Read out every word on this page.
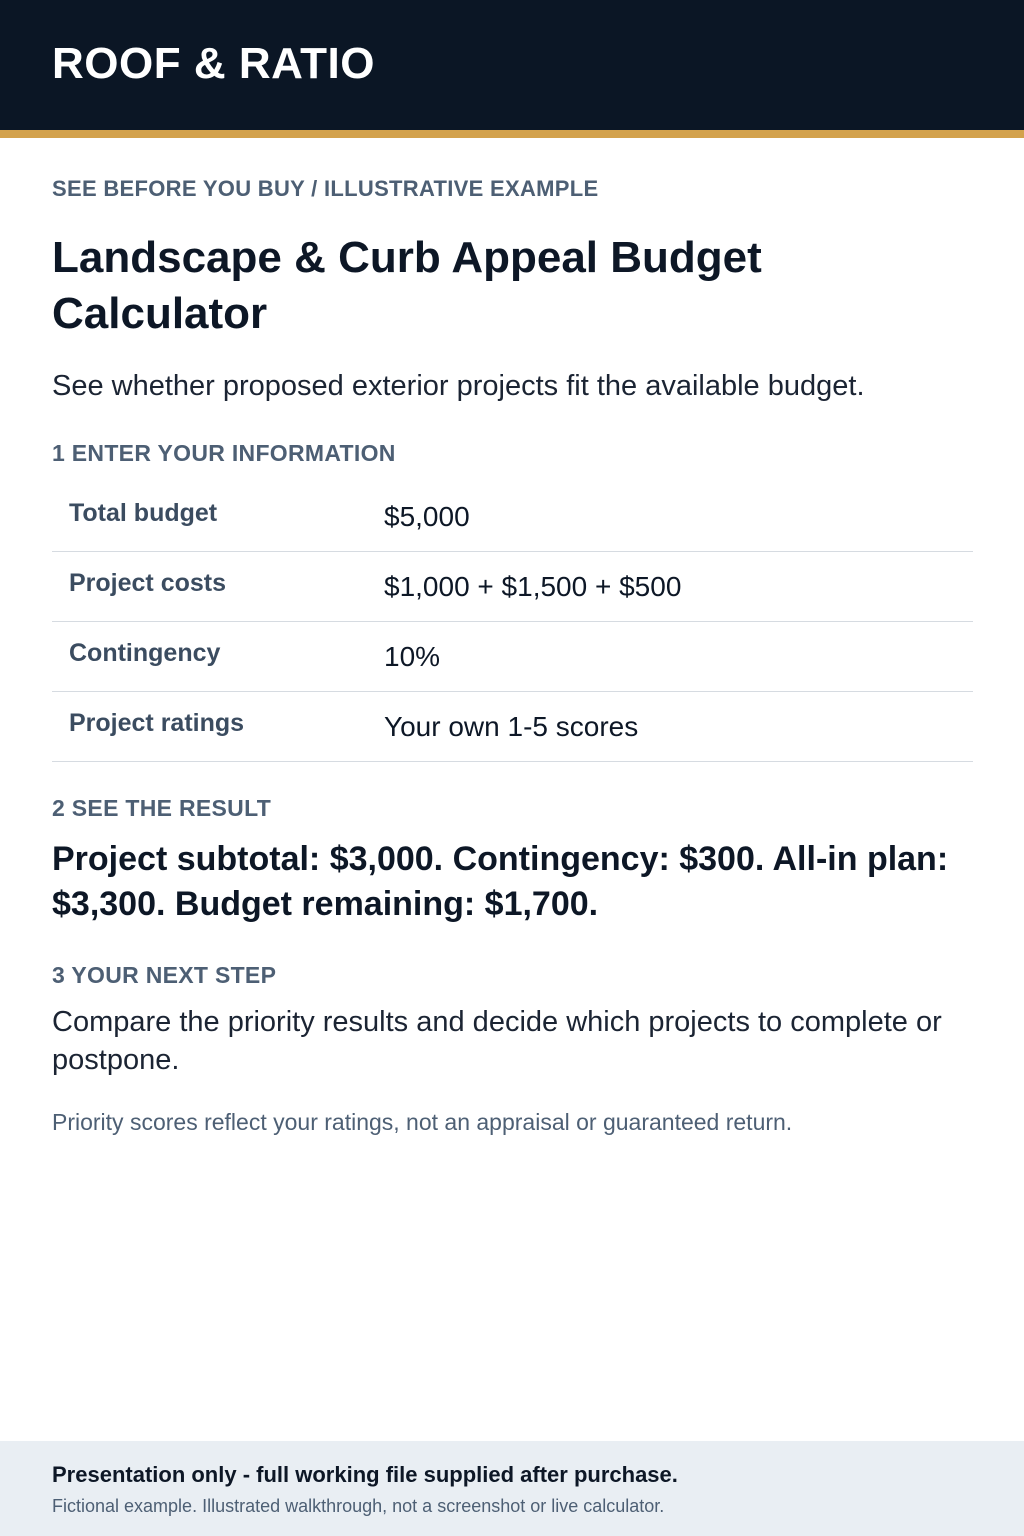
ROOF & RATIO
SEE BEFORE YOU BUY / ILLUSTRATIVE EXAMPLE
Landscape & Curb Appeal Budget Calculator
See whether proposed exterior projects fit the available budget.
1 ENTER YOUR INFORMATION
Total budget	$5,000
Project costs	$1,000 + $1,500 + $500
Contingency	10%
Project ratings	Your own 1-5 scores
2 SEE THE RESULT
Project subtotal: $3,000. Contingency: $300. All-in plan: $3,300. Budget remaining: $1,700.
3 YOUR NEXT STEP
Compare the priority results and decide which projects to complete or postpone.
Priority scores reflect your ratings, not an appraisal or guaranteed return.
Presentation only - full working file supplied after purchase.
Fictional example. Illustrated walkthrough, not a screenshot or live calculator.
